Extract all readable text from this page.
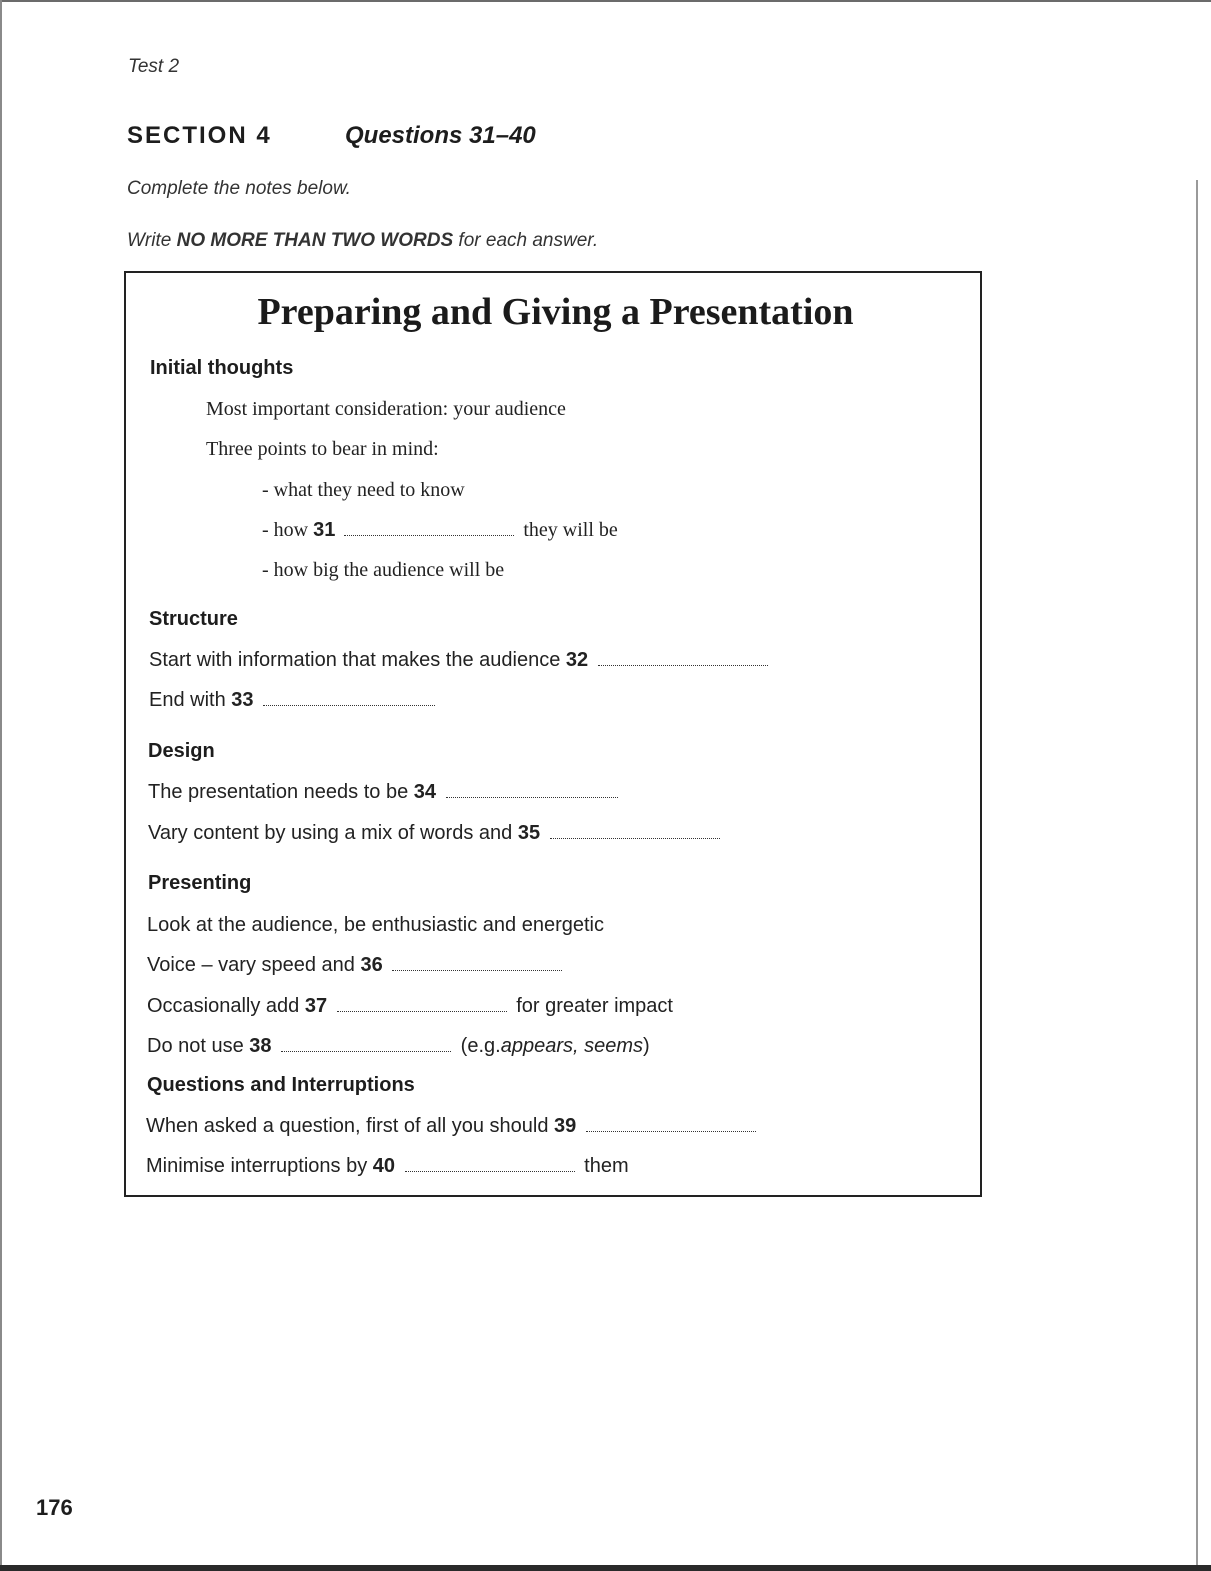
Test 2
SECTION 4	Questions 31–40
Complete the notes below.
Write NO MORE THAN TWO WORDS for each answer.
Preparing and Giving a Presentation
Initial thoughts
Most important consideration: your audience
Three points to bear in mind:
- what they need to know
- how 31	they will be
- how big the audience will be
Structure
Start with information that makes the audience 32
End with 33
Design
The presentation needs to be 34
Vary content by using a mix of words and 35
Presenting
Look at the audience, be enthusiastic and energetic
Voice – vary speed and 36
Occasionally add 37	for greater impact
Do not use 38	(e.g.appears, seems)
Questions and Interruptions
When asked a question, first of all you should 39
Minimise interruptions by 40	them
176
